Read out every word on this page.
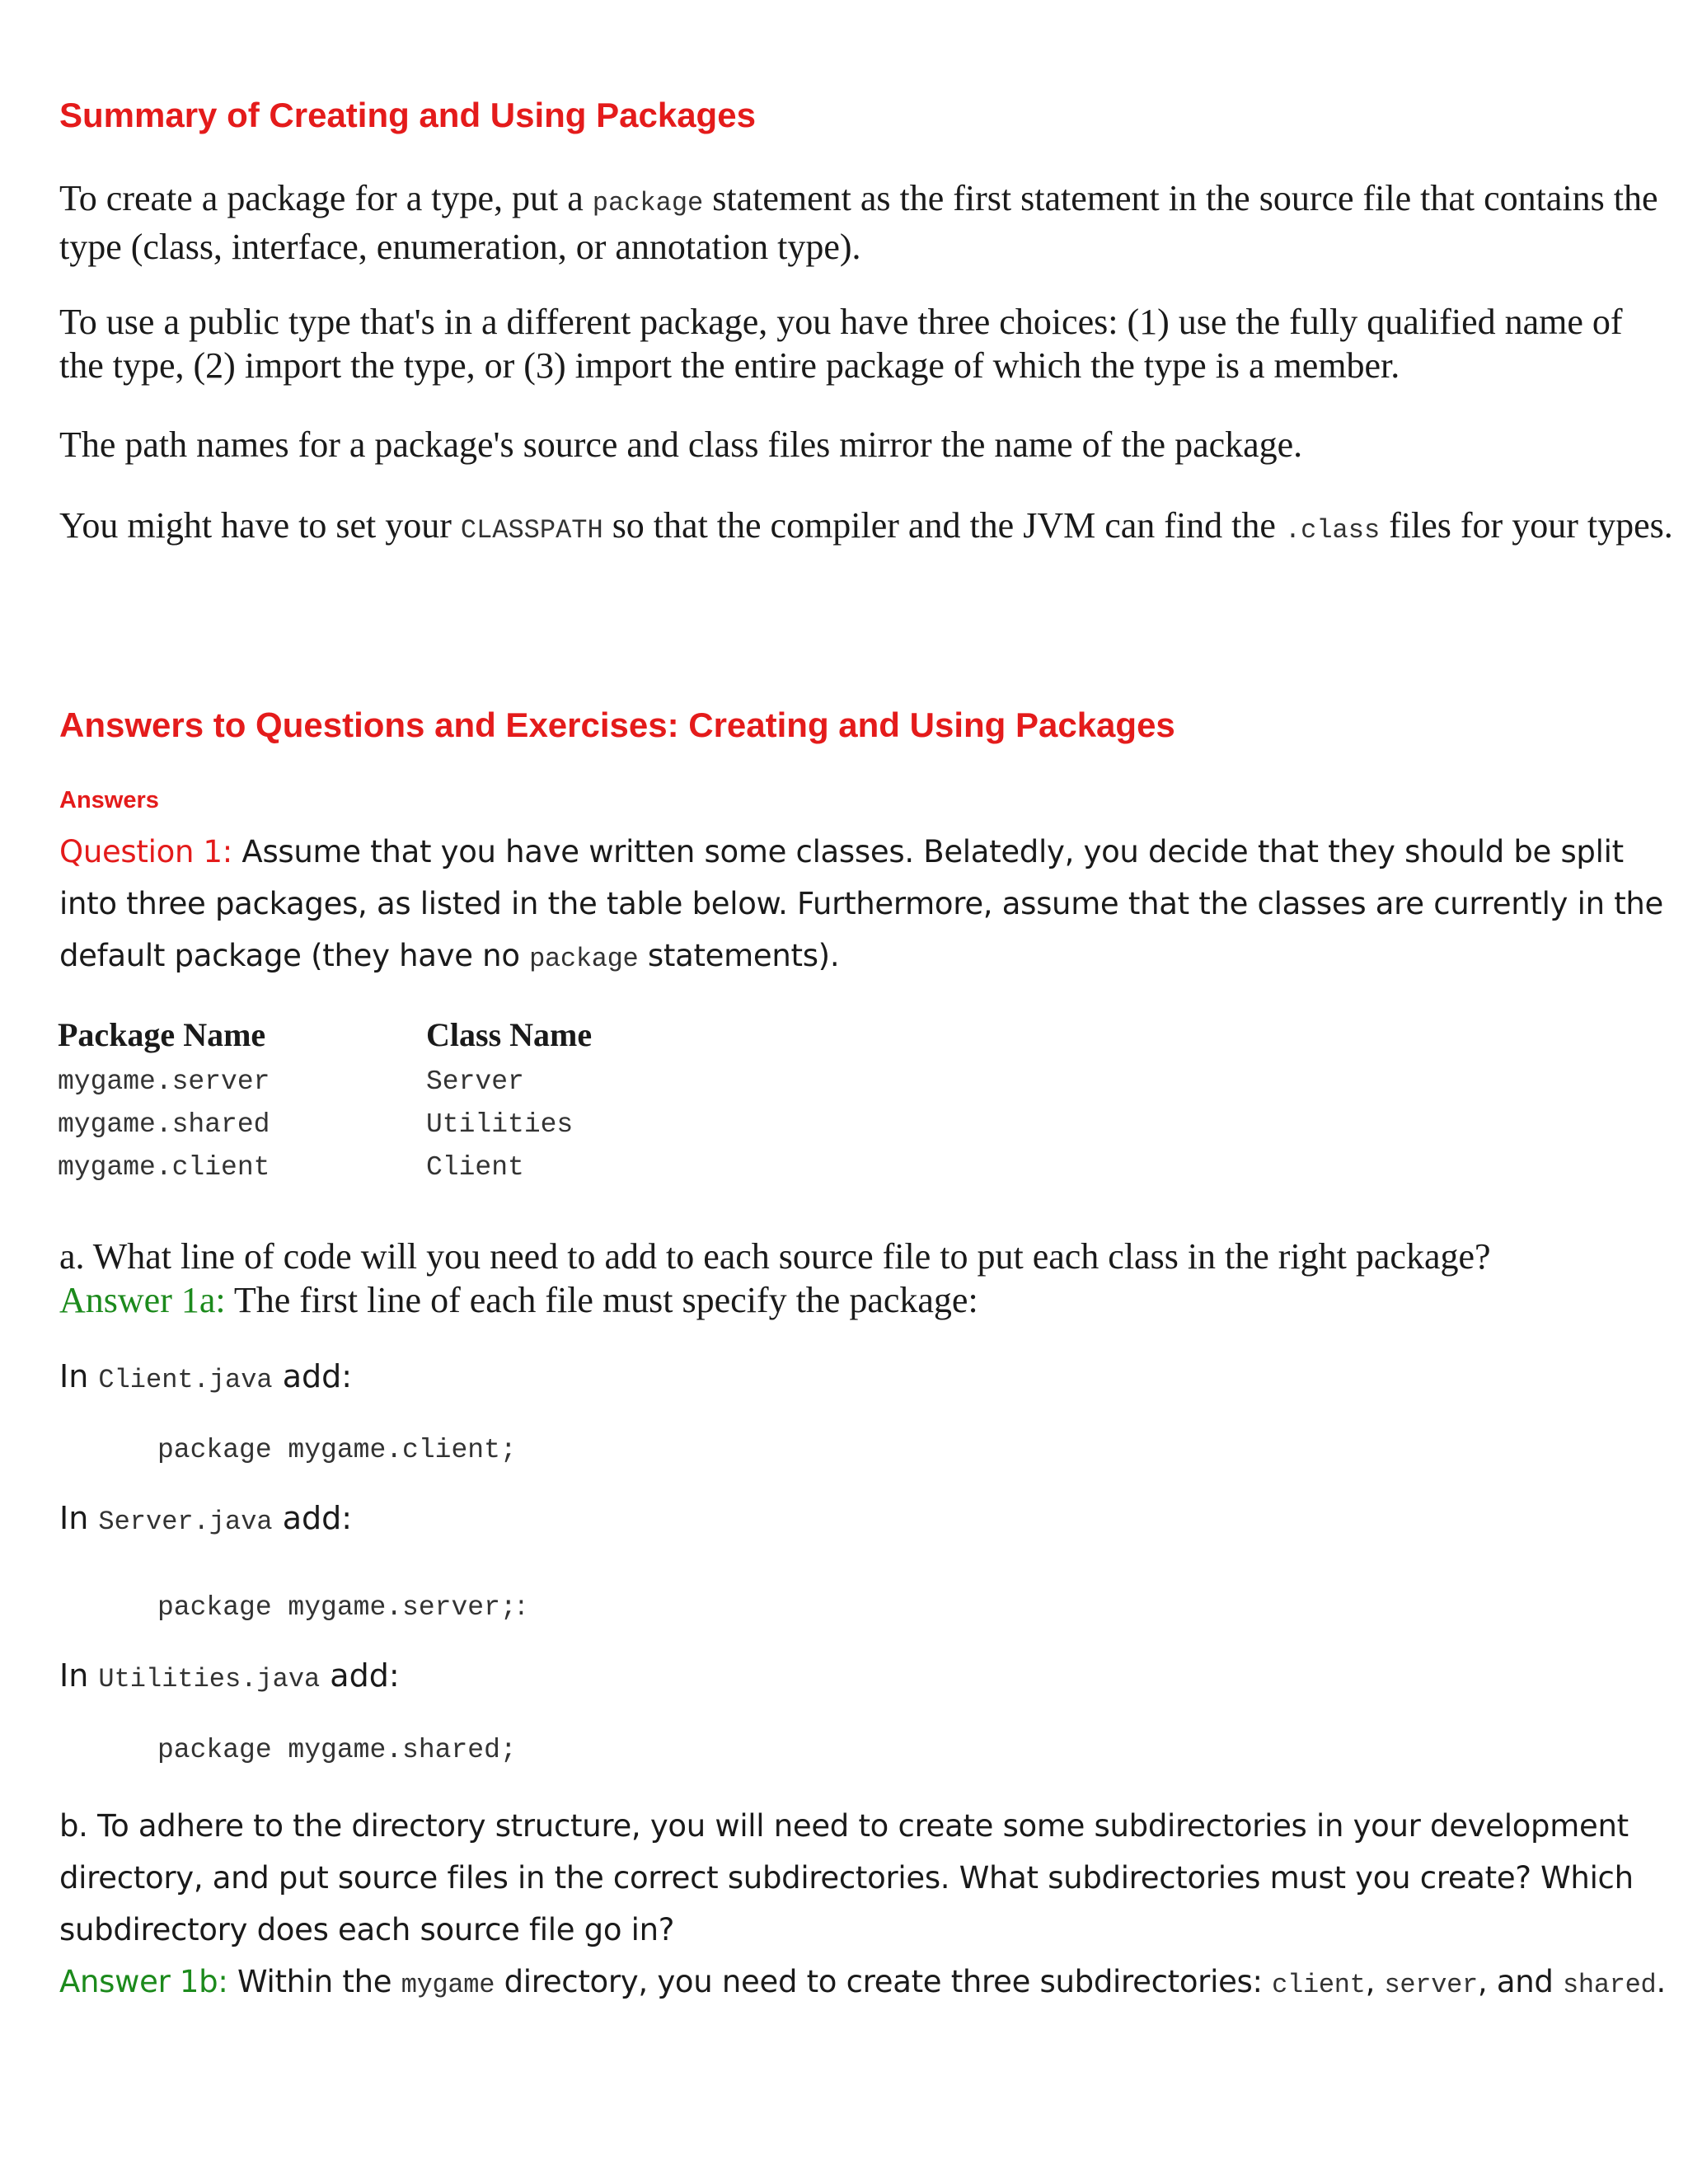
Summary of Creating and Using Packages
To create a package for a type, put a package statement as the first statement in the source file that contains the type (class, interface, enumeration, or annotation type).
To use a public type that's in a different package, you have three choices: (1) use the fully qualified name of the type, (2) import the type, or (3) import the entire package of which the type is a member.
The path names for a package's source and class files mirror the name of the package.
You might have to set your CLASSPATH so that the compiler and the JVM can find the .class files for your types.
Answers to Questions and Exercises: Creating and Using Packages
Answers
Question 1: Assume that you have written some classes. Belatedly, you decide that they should be split into three packages, as listed in the table below. Furthermore, assume that the classes are currently in the default package (they have no package statements).
Package Name	Class Name
mygame.server	Server
mygame.shared	Utilities
mygame.client	Client
a. What line of code will you need to add to each source file to put each class in the right package?
Answer 1a: The first line of each file must specify the package:
In Client.java add:
package mygame.client;
In Server.java add:
package mygame.server;:
In Utilities.java add:
package mygame.shared;
b. To adhere to the directory structure, you will need to create some subdirectories in your development directory, and put source files in the correct subdirectories. What subdirectories must you create? Which subdirectory does each source file go in?
Answer 1b: Within the mygame directory, you need to create three subdirectories: client, server, and shared.
